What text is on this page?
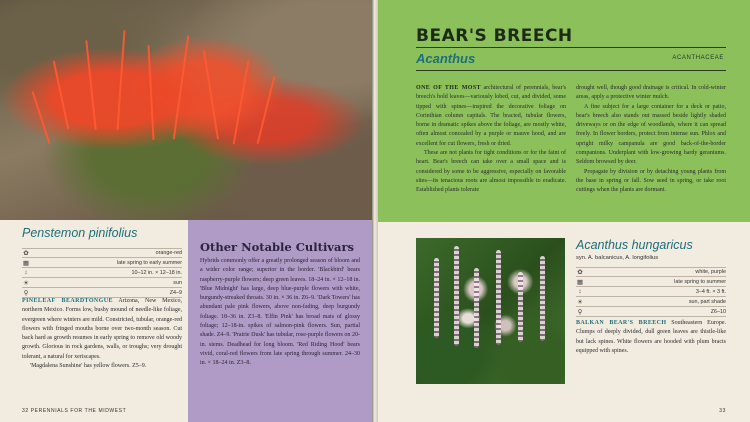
Penstemon pinifolius
✿	orange-red
▦	late spring to early summer
↕	10–12 in. × 12–18 in.
☀	sun
⚲	Z4–9

PINELEAF BEARDTONGUE Arizona, New Mexico, northern Mexico. Forms low, bushy mound of needle-like foliage, evergreen where winters are mild. Constricted, tubular, orange-red flowers with fringed mouths borne over two-month season. Cut back hard as growth resumes in early spring to remove old woody growth. Glorious in rock gardens, walls, or troughs; very drought tolerant, a natural for xeriscapes.

'Magdalena Sunshine' has yellow flowers. Z5–9.

Other Notable Cultivars

Hybrids commonly offer a greatly prolonged season of bloom and a wider color range; superior in the border. 'Blackbird' bears raspberry-purple flowers; deep green leaves. 18–24 in. × 12–18 in. 'Blue Midnight' has large, deep blue-purple flowers with white, burgundy-streaked throats. 30 in. × 36 in. Z6–9. 'Dark Towers' has abundant pale pink flowers, above non-fading, deep burgundy foliage. 18–36 in. Z3–8. 'Elfin Pink' has broad mats of glossy foliage; 12–18-in. spikes of salmon-pink flowers. Sun, partial shade. Z4–9. 'Prairie Dusk' has tubular, rose-purple flowers on 20-in. stems. Deadhead for long bloom. 'Red Riding Hood' bears vivid, coral-red flowers from late spring through summer. 24–30 in. × 18–24 in. Z3–8.

32 PERENNIALS FOR THE MIDWEST
BEAR'S BREECH
Acanthus	ACANTHACEAE

ONE OF THE MOST architectural of perennials, bear's breech's bold leaves—variously lobed, cut, and divided, some tipped with spines—inspired the decorative foliage on Corinthian column capitals. The bracted, tubular flowers, borne in dramatic spikes above the foliage, are mostly white, often almost concealed by a purple or mauve hood, and are excellent for cut flowers, fresh or dried.

These are not plants for tight conditions or for the faint of heart. Bear's breech can take over a small space and is considered by some to be aggressive, especially on favorable sites—its tenacious roots are almost impossible to eradicate. Established plants tolerate

drought well, though good drainage is critical. In cold-winter areas, apply a protective winter mulch.

A fine subject for a large container for a deck or patio, bear's breech also stands out massed beside lightly shaded driveways or on the edge of woodlands, where it can spread freely. In flower borders, protect from intense sun. Phlox and upright milky campanula are good back-of-the-border companions. Underplant with low-growing hardy geraniums. Seldom browsed by deer.

Propagate by division or by detaching young plants from the base in spring or fall. Sow seed in spring, or take root cuttings when the plants are dormant.

Acanthus hungaricus
syn. A. balcanicus, A. longifolius
✿	white, purple
▦	late spring to summer
↕	3–4 ft. × 3 ft.
☀	sun, part shade
⚲	Z6–10

BALKAN BEAR'S BREECH Southeastern Europe. Clumps of deeply divided, dull green leaves are thistle-like but lack spines. White flowers are hooded with plum bracts equipped with spines.

33
